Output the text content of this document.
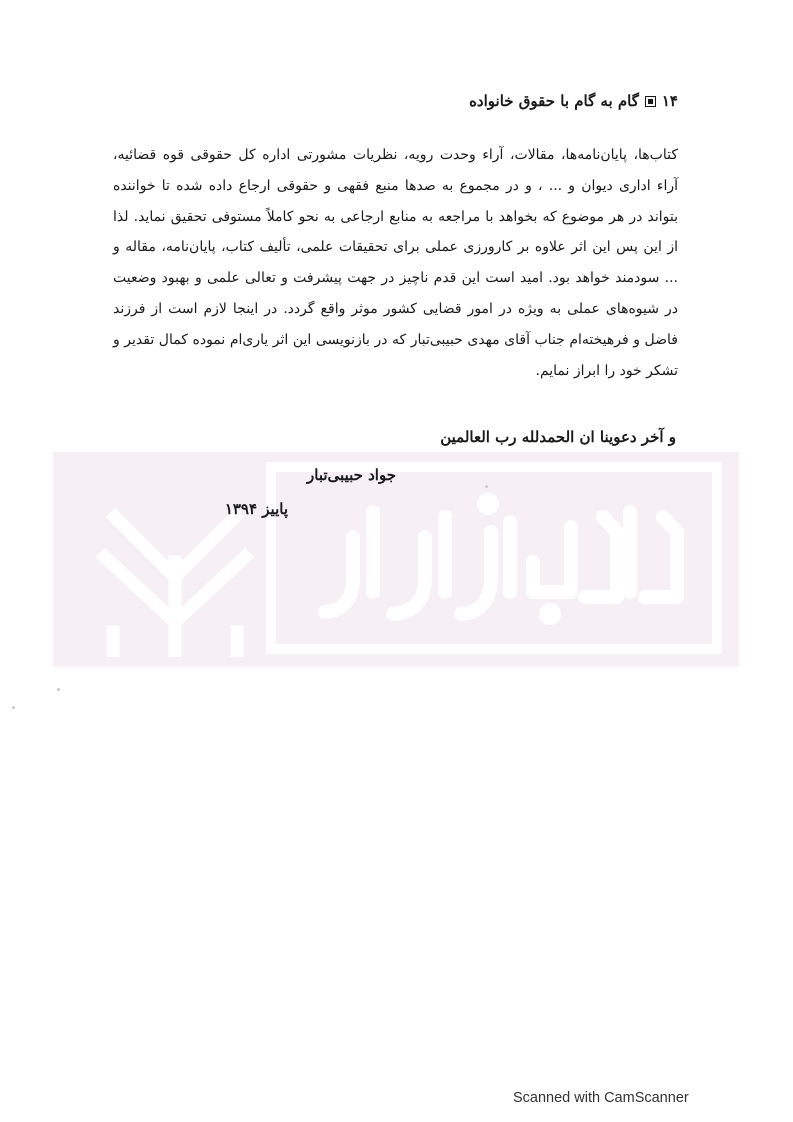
۱۴
گام به گام با حقوق خانواده

کتاب‌ها، پایان‌نامه‌ها، مقالات، آراء وحدت رویه، نظریات مشورتی اداره کل حقوقی قوه قضائیه، آراء اداری دیوان و ... ، و در مجموع به صدها منبع فقهی و حقوقی ارجاع داده شده تا خواننده بتواند در هر موضوع که بخواهد با مراجعه به منابع ارجاعی به نحو کاملاً مستوفی تحقیق نماید. لذا از این پس این اثر علاوه بر کارورزی عملی برای تحقیقات علمی، تألیف کتاب، پایان‌نامه، مقاله و ... سودمند خواهد بود. امید است این قدم ناچیز در جهت پیشرفت و تعالی علمی و بهبود وضعیت در شیوه‌های عملی به ویژه در امور قضایی کشور موثر واقع گردد. در اینجا لازم است از فرزند فاضل و فرهیخته‌ام جناب آقای مهدی حبیبی‌تبار که در بازنویسی این اثر یاری‌ام نموده کمال تقدیر و تشکر خود را ابراز نمایم.

و آخر دعوینا ان الحمدلله رب العالمین
جواد حبیبی‌تبار
پاییز ۱۳۹۴
Scanned with CamScanner
